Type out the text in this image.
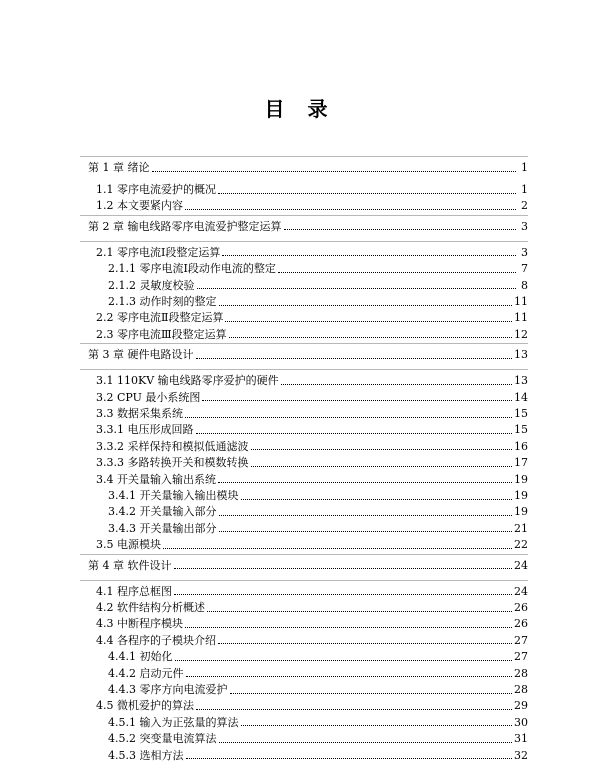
目 录
第 1 章 绪论	1
1.1 零序电流爱护的概况	1
1.2 本文要紧内容	2
第 2 章 输电线路零序电流爱护整定运算	3
2.1 零序电流Ⅰ段整定运算	3
2.1.1 零序电流Ⅰ段动作电流的整定	7
2.1.2 灵敏度校验	8
2.1.3 动作时刻的整定	11
2.2 零序电流Ⅱ段整定运算	11
2.3 零序电流Ⅲ段整定运算	12
第 3 章 硬件电路设计	13
3.1 110KV 输电线路零序爱护的硬件	13
3.2 CPU 最小系统图	14
3.3 数据采集系统	15
3.3.1 电压形成回路	15
3.3.2 采样保持和模拟低通滤波	16
3.3.3 多路转换开关和模数转换	17
3.4 开关量输入输出系统	19
3.4.1 开关量输入输出模块	19
3.4.2 开关量输入部分	19
3.4.3 开关量输出部分	21
3.5 电源模块	22
第 4 章 软件设计	24
4.1 程序总框图	24
4.2 软件结构分析概述	26
4.3 中断程序模块	26
4.4 各程序的子模块介绍	27
4.4.1 初始化	27
4.4.2 启动元件	28
4.4.3 零序方向电流爱护	28
4.5 微机爱护的算法	29
4.5.1 输入为正弦量的算法	30
4.5.2 突变量电流算法	31
4.5.3 选相方法	32
